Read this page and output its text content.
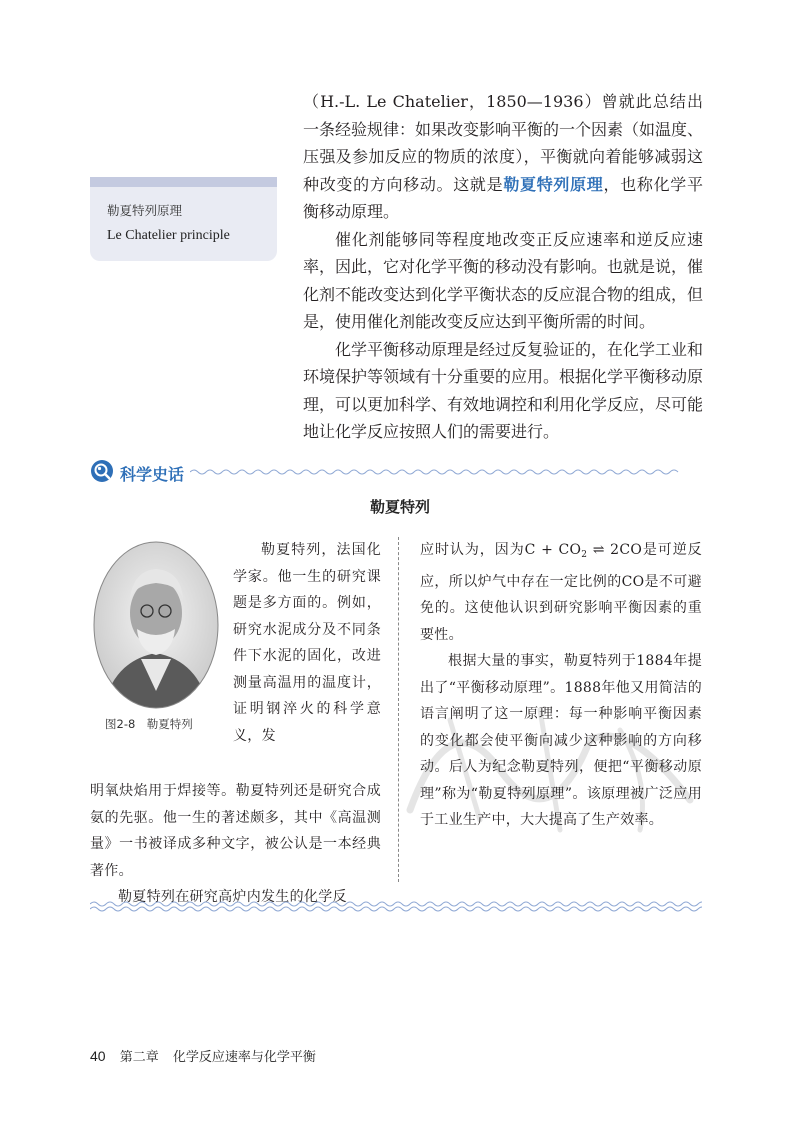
（H.-L. Le Chatelier，1850—1936）曾就此总结出一条经验规律：如果改变影响平衡的一个因素（如温度、压强及参加反应的物质的浓度），平衡就向着能够减弱这种改变的方向移动。这就是勒夏特列原理，也称化学平衡移动原理。

催化剂能够同等程度地改变正反应速率和逆反应速率，因此，它对化学平衡的移动没有影响。也就是说，催化剂不能改变达到化学平衡状态的反应混合物的组成，但是，使用催化剂能改变反应达到平衡所需的时间。

化学平衡移动原理是经过反复验证的，在化学工业和环境保护等领域有十分重要的应用。根据化学平衡移动原理，可以更加科学、有效地调控和利用化学反应，尽可能地让化学反应按照人们的需要进行。

勒夏特列原理
Le Chatelier principle
科学史话
勒夏特列
图2-8　勒夏特列

勒夏特列，法国化学家。他一生的研究课题是多方面的。例如，研究水泥成分及不同条件下水泥的固化，改进测量高温用的温度计，证明钢淬火的科学意义，发

明氧炔焰用于焊接等。勒夏特列还是研究合成氨的先驱。他一生的著述颇多，其中《高温测量》一书被译成多种文字，被公认是一本经典著作。

勒夏特列在研究高炉内发生的化学反

应时认为，因为$C + CO_2$ ⇌ 2CO是可逆反应，所以炉气中存在一定比例的CO是不可避免的。这使他认识到研究影响平衡因素的重要性。

根据大量的事实，勒夏特列于1884年提出了“平衡移动原理”。1888年他又用简洁的语言阐明了这一原理：每一种影响平衡因素的变化都会使平衡向减少这种影响的方向移动。后人为纪念勒夏特列，便把“平衡移动原理”称为“勒夏特列原理”。该原理被广泛应用于工业生产中，大大提高了生产效率。

40 第二章 化学反应速率与化学平衡
